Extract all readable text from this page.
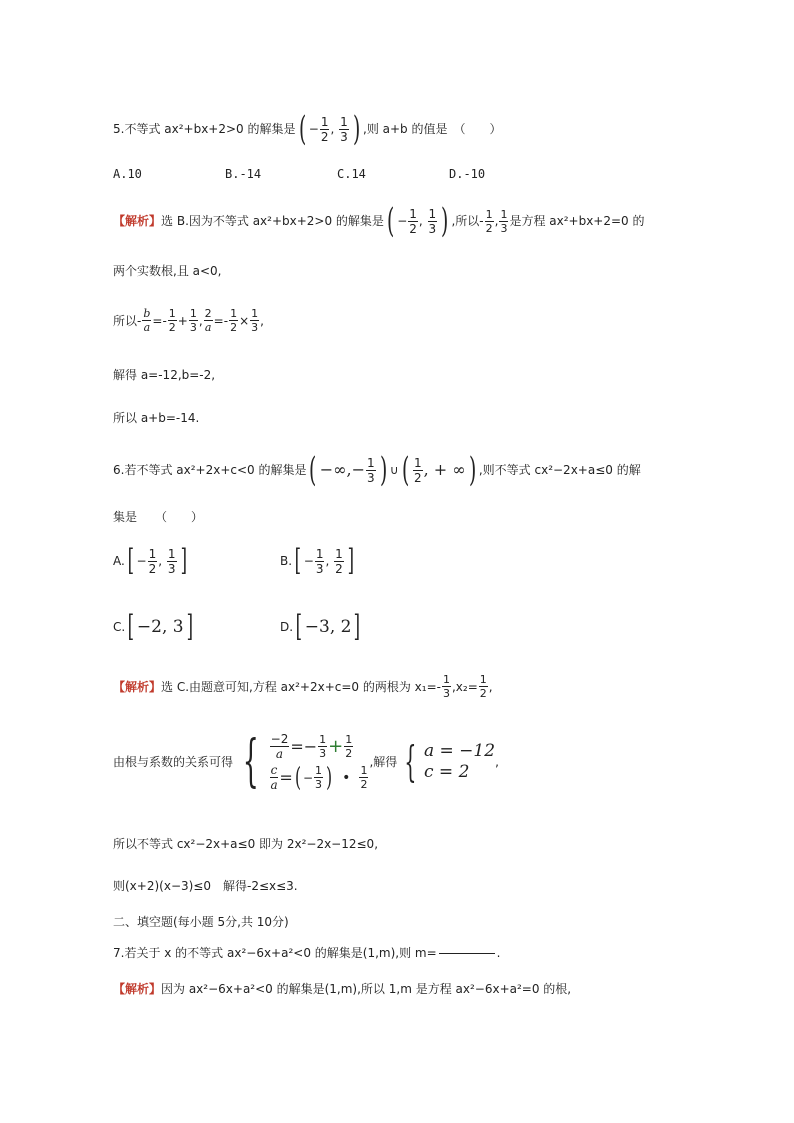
5.不等式 ax²+bx+2>0 的解集是 ( − $\frac{1}{2}$ ,
1
3 ) ,则 a+b 的值是　（　　）
A.10	B.-14	C.14	D.-10
【解析】 选 B.因为不等式 ax²+bx+2>0 的解集是 ( − $\frac{1}{2}$ ,
1
3 ) ,所以- 1
2 , 1
3 是方程 ax²+bx+2=0 的
两个实数根,且 a<0,
所以- $\frac{b}{a} =- 1$
$2 + \frac{1}{3}$ , $\frac{2}{a} =- \frac{1}{2} \times \frac{1}{3}$ ,
解得 a=-12,b=-2,
所以 a+b=-14.
6.若不等式 ax²+2x+c<0 的解集是 ( −∞, − $\frac{1}{3}$ ) ∪ ( 1
2 , + ∞ ) ,则不等式 cx²−2x+a≤0 的解
集是　　（　　）
A. [ − $\frac{1}{2}$ ,
1
3 ]	B. [ − $\frac{1}{3}$ ,
1
2 ]
C. [ −2, 3 ]	D. [ −3, 2 ]
【解析】 选 C.由题意可知,方程 ax²+2x+c=0 的两根为 x₁=- 1
3 $,x_2= \frac{1}{2}$ ,
由根与系数的关系可得 { $\frac{-2}{a}$ = − $\frac{1}{3} + \frac{1}{2}$
$\frac{c}{a}$ = ( − $\frac{1}{3}$ ) • 1
2
,解得 { a = −12
c = 2	,
所以不等式 cx²−2x+a≤0 即为 2x²−2x−12≤0,
则(x+2)(x−3)≤0　解得-2≤x≤3.
二、填空题(每小题 5分,共 10分)
7.若关于 x 的不等式 ax²−6x+a²<0 的解集是(1,m),则 m=	.
【解析】 因为 ax²−6x+a²<0 的解集是(1,m),所以 1,m 是方程 ax²−6x+a²=0 的根,
